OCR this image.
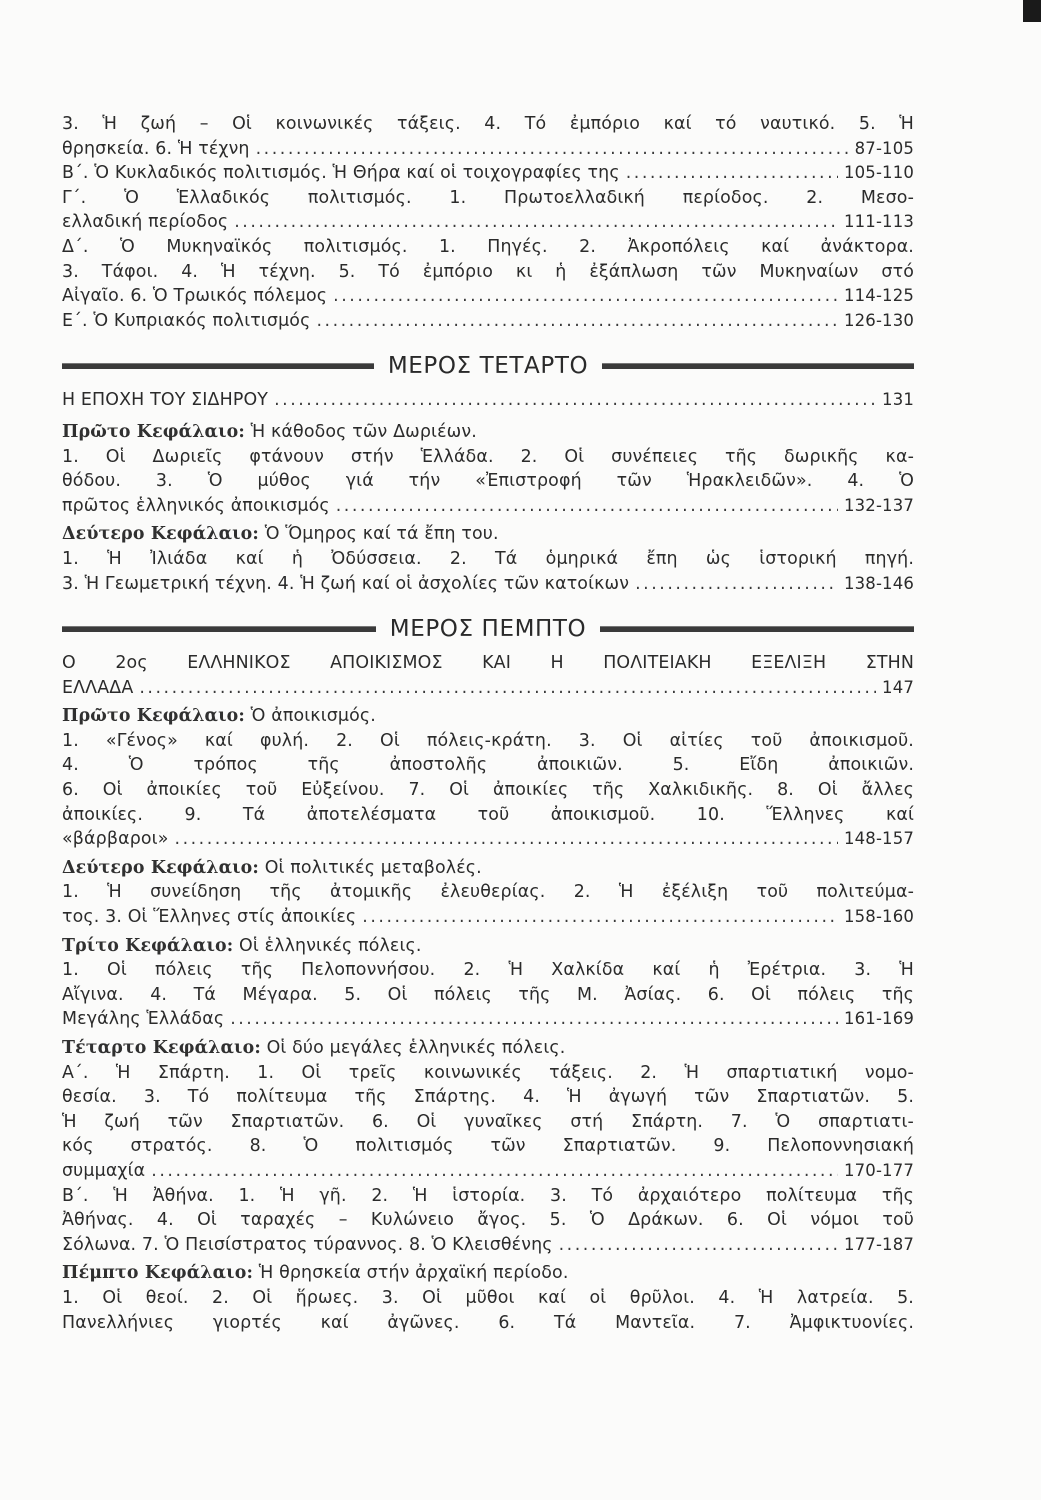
3. Ἡ ζωή – Οἱ κοινωνικές τάξεις. 4. Τό ἐμπόριο καί τό ναυτικό. 5. Ἡ
θρησκεία. 6. Ἡ τέχνη . . .	87-105
Β΄. Ὁ Κυκλαδικός πολιτισμός. Ἡ Θήρα καί οἱ τοιχογραφίες της . . .	105-110
Γ΄. Ὁ Ἑλλαδικός πολιτισμός. 1. Πρωτοελλαδική περίοδος. 2. Μεσο-
ελλαδική περίοδος . . .	111-113
Δ΄. Ὁ Μυκηναϊκός πολιτισμός. 1. Πηγές. 2. Ἀκροπόλεις καί ἀνάκτορα.
3. Τάφοι. 4. Ἡ τέχνη. 5. Τό ἐμπόριο κι ἡ ἐξάπλωση τῶν Μυκηναίων στό
Αἰγαῖο. 6. Ὁ Τρωικός πόλεμος . . .	114-125
Ε΄. Ὁ Κυπριακός πολιτισμός . . .	126-130
ΜΕΡΟΣ ΤΕΤΑΡΤΟ
Η ΕΠΟΧΗ ΤΟΥ ΣΙΔΗΡΟΥ . . .	131
Πρῶτο Κεφάλαιο: Ἡ κάθοδος τῶν Δωριέων.
1. Οἱ Δωριεῖς φτάνουν στήν Ἑλλάδα. 2. Οἱ συνέπειες τῆς δωρικῆς κα-
θόδου. 3. Ὁ μύθος γιά τήν «Ἐπιστροφή τῶν Ἡρακλειδῶν». 4. Ὁ
πρῶτος ἑλληνικός ἀποικισμός . . .	132-137
Δεύτερο Κεφάλαιο: Ὁ Ὅμηρος καί τά ἔπη του.
1. Ἡ Ἰλιάδα καί ἡ Ὀδύσσεια. 2. Τά ὁμηρικά ἔπη ὡς ἱστορική πηγή.
3. Ἡ Γεωμετρική τέχνη. 4. Ἡ ζωή καί οἱ ἀσχολίες τῶν κατοίκων . . .	138-146
ΜΕΡΟΣ ΠΕΜΠΤΟ
Ο 2ος ΕΛΛΗΝΙΚΟΣ ΑΠΟΙΚΙΣΜΟΣ ΚΑΙ Η ΠΟΛΙΤΕΙΑΚΗ ΕΞΕΛΙΞΗ ΣΤΗΝ
ΕΛΛΑΔΑ . . .	147
Πρῶτο Κεφάλαιο: Ὁ ἀποικισμός.
1. «Γένος» καί φυλή. 2. Οἱ πόλεις-κράτη. 3. Οἱ αἰτίες τοῦ ἀποικισμοῦ.
4. Ὁ τρόπος τῆς ἀποστολῆς ἀποικιῶν. 5. Εἴδη ἀποικιῶν.
6. Οἱ ἀποικίες τοῦ Εὐξείνου. 7. Οἱ ἀποικίες τῆς Χαλκιδικῆς. 8. Οἱ ἄλλες
ἀποικίες. 9. Τά ἀποτελέσματα τοῦ ἀποικισμοῦ. 10. Ἕλληνες καί
«βάρβαροι» . . .	148-157
Δεύτερο Κεφάλαιο: Οἱ πολιτικές μεταβολές.
1. Ἡ συνείδηση τῆς ἀτομικῆς ἐλευθερίας. 2. Ἡ ἐξέλιξη τοῦ πολιτεύμα-
τος. 3. Οἱ Ἕλληνες στίς ἀποικίες . . .	158-160
Τρίτο Κεφάλαιο: Οἱ ἑλληνικές πόλεις.
1. Οἱ πόλεις τῆς Πελοποννήσου. 2. Ἡ Χαλκίδα καί ἡ Ἐρέτρια. 3. Ἡ
Αἴγινα. 4. Τά Μέγαρα. 5. Οἱ πόλεις τῆς Μ. Ἀσίας. 6. Οἱ πόλεις τῆς
Μεγάλης Ἑλλάδας . . .	161-169
Τέταρτο Κεφάλαιο: Οἱ δύο μεγάλες ἑλληνικές πόλεις.
Α΄. Ἡ Σπάρτη. 1. Οἱ τρεῖς κοινωνικές τάξεις. 2. Ἡ σπαρτιατική νομο-
θεσία. 3. Τό πολίτευμα τῆς Σπάρτης. 4. Ἡ ἀγωγή τῶν Σπαρτιατῶν. 5.
Ἡ ζωή τῶν Σπαρτιατῶν. 6. Οἱ γυναῖκες στή Σπάρτη. 7. Ὁ σπαρτιατι-
κός στρατός. 8. Ὁ πολιτισμός τῶν Σπαρτιατῶν. 9. Πελοποννησιακή
συμμαχία . . .	170-177
Β΄. Ἡ Ἀθήνα. 1. Ἡ γῆ. 2. Ἡ ἱστορία. 3. Τό ἀρχαιότερο πολίτευμα τῆς
Ἀθήνας. 4. Οἱ ταραχές – Κυλώνειο ἄγος. 5. Ὁ Δράκων. 6. Οἱ νόμοι τοῦ
Σόλωνα. 7. Ὁ Πεισίστρατος τύραννος. 8. Ὁ Κλεισθένης . . .	177-187
Πέμπτο Κεφάλαιο: Ἡ θρησκεία στήν ἀρχαϊκή περίοδο.
1. Οἱ θεοί. 2. Οἱ ἥρωες. 3. Οἱ μῦθοι καί οἱ θρῦλοι. 4. Ἡ λατρεία. 5.
Πανελλήνιες γιορτές καί ἀγῶνες. 6. Τά Μαντεῖα. 7. Ἀμφικτυονίες.
